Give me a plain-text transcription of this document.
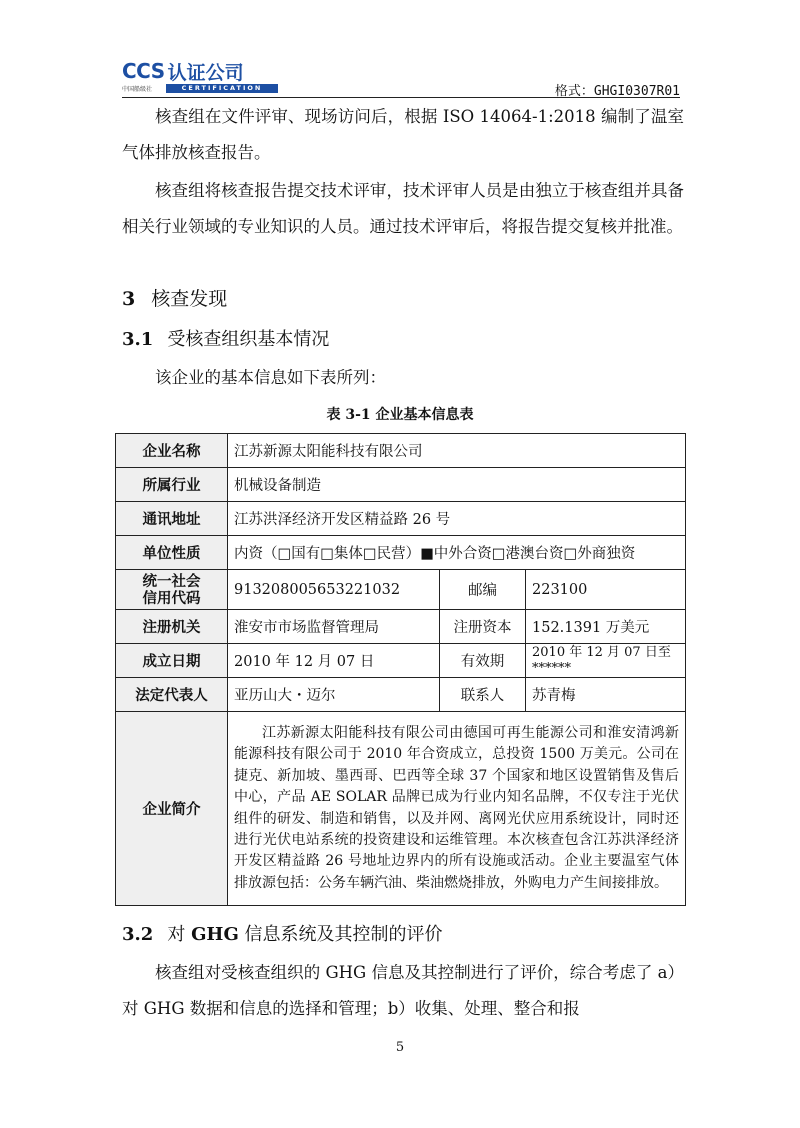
CCS 认证公司
中国船级社	CERTIFICATION	格式：GHGI0307R01

核查组在文件评审、现场访问后，根据 ISO 14064-1:2018 编制了温室气体排放核查报告。

核查组将核查报告提交技术评审，技术评审人员是由独立于核查组并具备相关行业领域的专业知识的人员。通过技术评审后，将报告提交复核并批准。

3 核查发现
3.1 受核查组织基本情况

该企业的基本信息如下表所列：

表 3-1 企业基本信息表
企业名称	江苏新源太阳能科技有限公司		
所属行业	机械设备制造		
通讯地址	江苏洪泽经济开发区精益路 26 号		
单位性质	内资（□国有□集体□民营）■中外合资□港澳台资□外商独资		
统一社会
信用代码	91320800565322103​2	邮编	223100
注册机关	淮安市市场监督管理局	注册资本	152.1391 万美元
成立日期	2010 年 12 月 07 日	有效期	2010 年 12 月 07 日至
******
法定代表人	亚历山大・迈尔	联系人	苏青梅
企业简介	江苏新源太阳能科技有限公司由德国可再生能源公司和淮安清鸿新能源科技有限公司于 2010 年合资成立，总投资 1500 万美元。公司在捷克、新加坡、墨西哥、巴西等全球 37 个国家和地区设置销售及售后中心，产品 AE SOLAR 品牌已成为行业内知名品牌，不仅专注于光伏组件的研发、制造和销售，以及并网、离网光伏应用系统设计，同时还进行光伏电站系统的投资建设和运维管理。本次核查包含江苏洪泽经济开发区精益路 26 号地址边界内的所有设施或活动。企业主要温室气体排放源包括：公务车辆汽油、柴油燃烧排放，外购电力产生间接排放。		
3.2 对 GHG 信息系统及其控制的评价

核查组对受核查组织的 GHG 信息及其控制进行了评价，综合考虑了 a）对 GHG 数据和信息的选择和管理；b）收集、处理、整合和报

5
